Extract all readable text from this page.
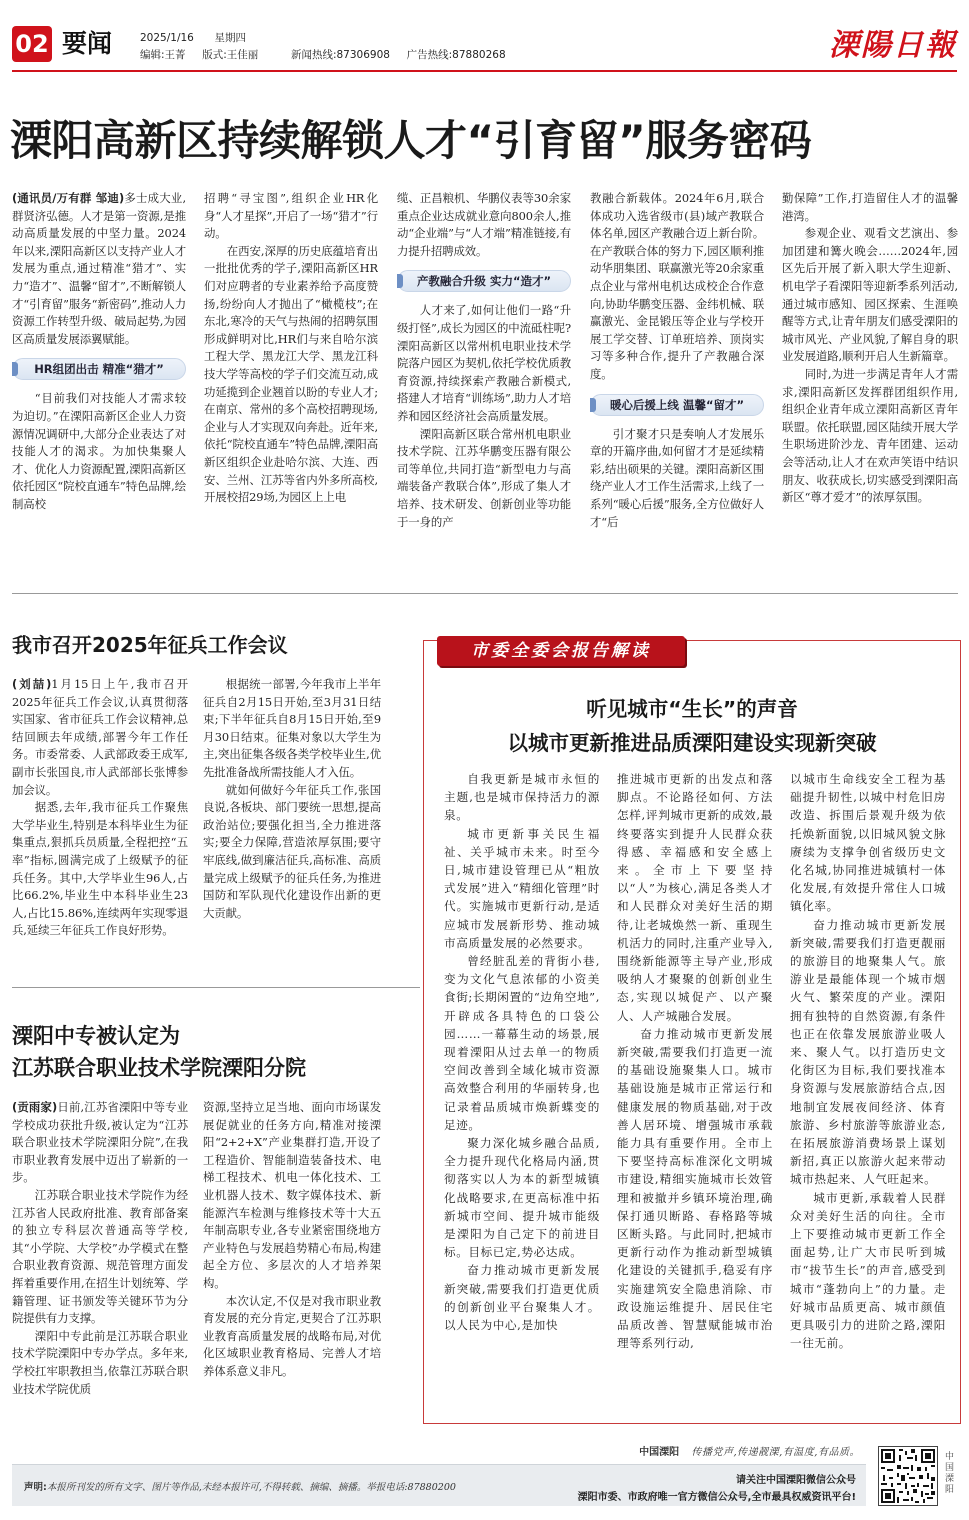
02 要闻	2025/1/16 星期四
编辑:王菁 版式:王佳丽	新闻热线:87306908 广告热线:87880268	溧陽日報
溧阳高新区持续解锁人才“引育留”服务密码

(通讯员/万有群 邹迪)多士成大业,群贤济弘德。人才是第一资源,是推动高质量发展的中坚力量。2024年以来,溧阳高新区以支持产业人才发展为重点,通过精准“猎才”、实力“造才”、温馨“留才”,不断解锁人才“引育留”服务“新密码”,推动人力资源工作转型升级、破局起势,为园区高质量发展添翼赋能。

HR组团出击 精准“猎才”

“目前我们对技能人才需求较为迫切。”在溧阳高新区企业人力资源情况调研中,大部分企业表达了对技能人才的渴求。为加快集聚人才、优化人力资源配置,溧阳高新区依托园区“院校直通车”特色品牌,绘制高校

招聘“寻宝图”,组织企业HR化身“人才星探”,开启了一场“猎才”行动。

在西安,深厚的历史底蕴培育出一批批优秀的学子,溧阳高新区HR们对应聘者的专业素养给予高度赞扬,纷纷向人才抛出了“橄榄枝”;在东北,寒冷的天气与热闹的招聘氛围形成鲜明对比,HR们与来自哈尔滨工程大学、黑龙江大学、黑龙江科技大学等高校的学子们交流互动,成功延揽到企业翘首以盼的专业人才;在南京、常州的多个高校招聘现场,企业与人才实现双向奔赴。近年来,依托“院校直通车”特色品牌,溧阳高新区组织企业赴哈尔滨、大连、西安、兰州、江苏等省内外多所高校,开展校招29场,为园区上上电

缆、正昌粮机、华鹏仪表等30余家重点企业达成就业意向800余人,推动“企业端”与“人才端”精准链接,有力提升招聘成效。

产教融合升级 实力“造才”

人才来了,如何让他们一路“升级打怪”,成长为园区的中流砥柱呢?溧阳高新区以常州机电职业技术学院落户园区为契机,依托学校优质教育资源,持续探索产教融合新模式,搭建人才培育“训练场”,助力人才培养和园区经济社会高质量发展。

溧阳高新区联合常州机电职业技术学院、江苏华鹏变压器有限公司等单位,共同打造“新型电力与高端装备产教联合体”,形成了集人才培养、技术研发、创新创业等功能于一身的产

教融合新载体。2024年6月,联合体成功入选省级市(县)域产教联合体名单,园区产教融合迈上新台阶。在产教联合体的努力下,园区顺利推动华朋集团、联赢激光等20余家重点企业与常州电机达成校企合作意向,协助华鹏变压器、金纬机械、联赢激光、金昆锻压等企业与学校开展工学交替、订单班培养、顶岗实习等多种合作,提升了产教融合深度。

暖心后援上线 温馨“留才”

引才聚才只是奏响人才发展乐章的开篇序曲,如何留才才是延续精彩,结出硕果的关键。溧阳高新区围绕产业人才工作生活需求,上线了一系列“暖心后援”服务,全方位做好人才“后

勤保障”工作,打造留住人才的温馨港湾。

参观企业、观看文艺演出、参加团建和篝火晚会……2024年,园区先后开展了新入职大学生迎新、机电学子看溧阳等迎新季系列活动,通过城市感知、园区探索、生涯唤醒等方式,让青年朋友们感受溧阳的城市风光、产业风貌,了解自身的职业发展道路,顺利开启人生新篇章。

同时,为进一步满足青年人才需求,溧阳高新区发挥群团组织作用,组织企业青年成立溧阳高新区青年联盟。依托联盟,园区陆续开展大学生职场进阶沙龙、青年团建、运动会等活动,让人才在欢声笑语中结识朋友、收获成长,切实感受到溧阳高新区“尊才爱才”的浓厚氛围。

我市召开2025年征兵工作会议

(刘喆)1月15日上午,我市召开2025年征兵工作会议,认真贯彻落实国家、省市征兵工作会议精神,总结回顾去年成绩,部署今年工作任务。市委常委、人武部政委王成军,副市长张国良,市人武部部长张博参加会议。

据悉,去年,我市征兵工作聚焦大学毕业生,特别是本科毕业生为征集重点,狠抓兵员质量,全程把控“五率”指标,圆满完成了上级赋予的征兵任务。其中,大学毕业生96人,占比66.2%,毕业生中本科毕业生23人,占比15.86%,连续两年实现零退兵,延续三年征兵工作良好形势。

根据统一部署,今年我市上半年征兵自2月15日开始,至3月31日结束;下半年征兵自8月15日开始,至9月30日结束。征集对象以大学生为主,突出征集各级各类学校毕业生,优先批准备战所需技能人才入伍。

就如何做好今年征兵工作,张国良说,各板块、部门要统一思想,提高政治站位;要强化担当,全力推进落实;要全力保障,营造浓厚氛围;要守牢底线,做到廉洁征兵,高标准、高质量完成上级赋予的征兵任务,为推进国防和军队现代化建设作出新的更大贡献。

溧阳中专被认定为
江苏联合职业技术学院溧阳分院

(贡雨家)日前,江苏省溧阳中等专业学校成功获批升级,被认定为“江苏联合职业技术学院溧阳分院”,在我市职业教育发展中迈出了崭新的一步。

江苏联合职业技术学院作为经江苏省人民政府批准、教育部备案的独立专科层次普通高等学校,其“小学院、大学校”办学模式在整合职业教育资源、规范管理方面发挥着重要作用,在招生计划统筹、学籍管理、证书颁发等关键环节为分院提供有力支撑。

溧阳中专此前是江苏联合职业技术学院溧阳中专办学点。多年来,学校扛牢职教担当,依靠江苏联合职业技术学院优质

资源,坚持立足当地、面向市场谋发展促就业的任务方向,精准对接溧阳“2+2+X”产业集群打造,开设了工程造价、智能制造装备技术、电梯工程技术、机电一体化技术、工业机器人技术、数字媒体技术、新能源汽车检测与维修技术等十大五年制高职专业,各专业紧密围绕地方产业特色与发展趋势精心布局,构建起全方位、多层次的人才培养架构。

本次认定,不仅是对我市职业教育发展的充分肯定,更契合了江苏职业教育高质量发展的战略布局,对优化区域职业教育格局、完善人才培养体系意义非凡。

市委全委会报告解读
听见城市“生长”的声音
以城市更新推进品质溧阳建设实现新突破

自我更新是城市永恒的主题,也是城市保持活力的源泉。

城市更新事关民生福祉、关乎城市未来。时至今日,城市建设管理已从“粗放式发展”进入“精细化管理”时代。实施城市更新行动,是适应城市发展新形势、推动城市高质量发展的必然要求。

曾经脏乱差的背街小巷,变为文化气息浓郁的小资美食街;长期闲置的“边角空地”,开辟成各具特色的口袋公园……一幕幕生动的场景,展现着溧阳从过去单一的物质空间改善到全域化城市资源高效整合利用的华丽转身,也记录着品质城市焕新蝶变的足迹。

聚力深化城乡融合品质,全力提升现代化格局内涵,贯彻落实以人为本的新型城镇化战略要求,在更高标准中拓新城市空间、提升城市能级是溧阳为自己定下的前进目标。目标已定,势必达成。

奋力推动城市更新发展新突破,需要我们打造更优质的创新创业平台聚集人才。以人民为中心,是加快

推进城市更新的出发点和落脚点。不论路径如何、方法怎样,评判城市更新的成效,最终要落实到提升人民群众获得感、幸福感和安全感上来。全市上下要坚持以“人”为核心,满足各类人才和人民群众对美好生活的期待,让老城焕然一新、重现生机活力的同时,注重产业导入,围绕新能源等主导产业,形成吸纳人才聚聚的创新创业生态,实现以城促产、以产聚人、人产城融合发展。

奋力推动城市更新发展新突破,需要我们打造更一流的基础设施聚集人口。城市基础设施是城市正常运行和健康发展的物质基础,对于改善人居环境、增强城市承载能力具有重要作用。全市上下要坚持高标准深化文明城市建设,精细实施城市长效管理和被撤并乡镇环境治理,确保打通贝断路、春格路等城区断头路。与此同时,把城市更新行动作为推动新型城镇化建设的关键抓手,稳妥有序实施建筑安全隐患消除、市政设施运维提升、居民住宅品质改善、智慧赋能城市治理等系列行动,

以城市生命线安全工程为基础提升韧性,以城中村危旧房改造、拆围后景观升级为依托焕新面貌,以旧城风貌文脉赓续为支撑争创省级历史文化名城,协同推进城镇村一体化发展,有效提升常住人口城镇化率。

奋力推动城市更新发展新突破,需要我们打造更靓丽的旅游目的地聚集人气。旅游业是最能体现一个城市烟火气、繁荣度的产业。溧阳拥有独特的自然资源,有条件也正在依靠发展旅游业吸人来、聚人气。以打造历史文化街区为目标,我们要找准本身资源与发展旅游结合点,因地制宜发展夜间经济、体育旅游、乡村旅游等旅游业态,在拓展旅游消费场景上谋划新招,真正以旅游火起来带动城市热起来、人气旺起来。

城市更新,承载着人民群众对美好生活的向往。全市上下要推动城市更新工作全面起势,让广大市民听到城市“拔节生长”的声音,感受到城市“蓬勃向上”的力量。走好城市品质更高、城市颜值更具吸引力的进阶之路,溧阳一往无前。

中国溧阳 传播党声,传递靓溧,有温度,有品质。
声明:本报所刊发的所有文字、图片等作品,未经本报许可,不得转载、摘编、摘播。举报电话:87880200
请关注中国溧阳微信公众号
溧阳市委、市政府唯一官方微信公众号,全市最具权威资讯平台!
中国溧阳
